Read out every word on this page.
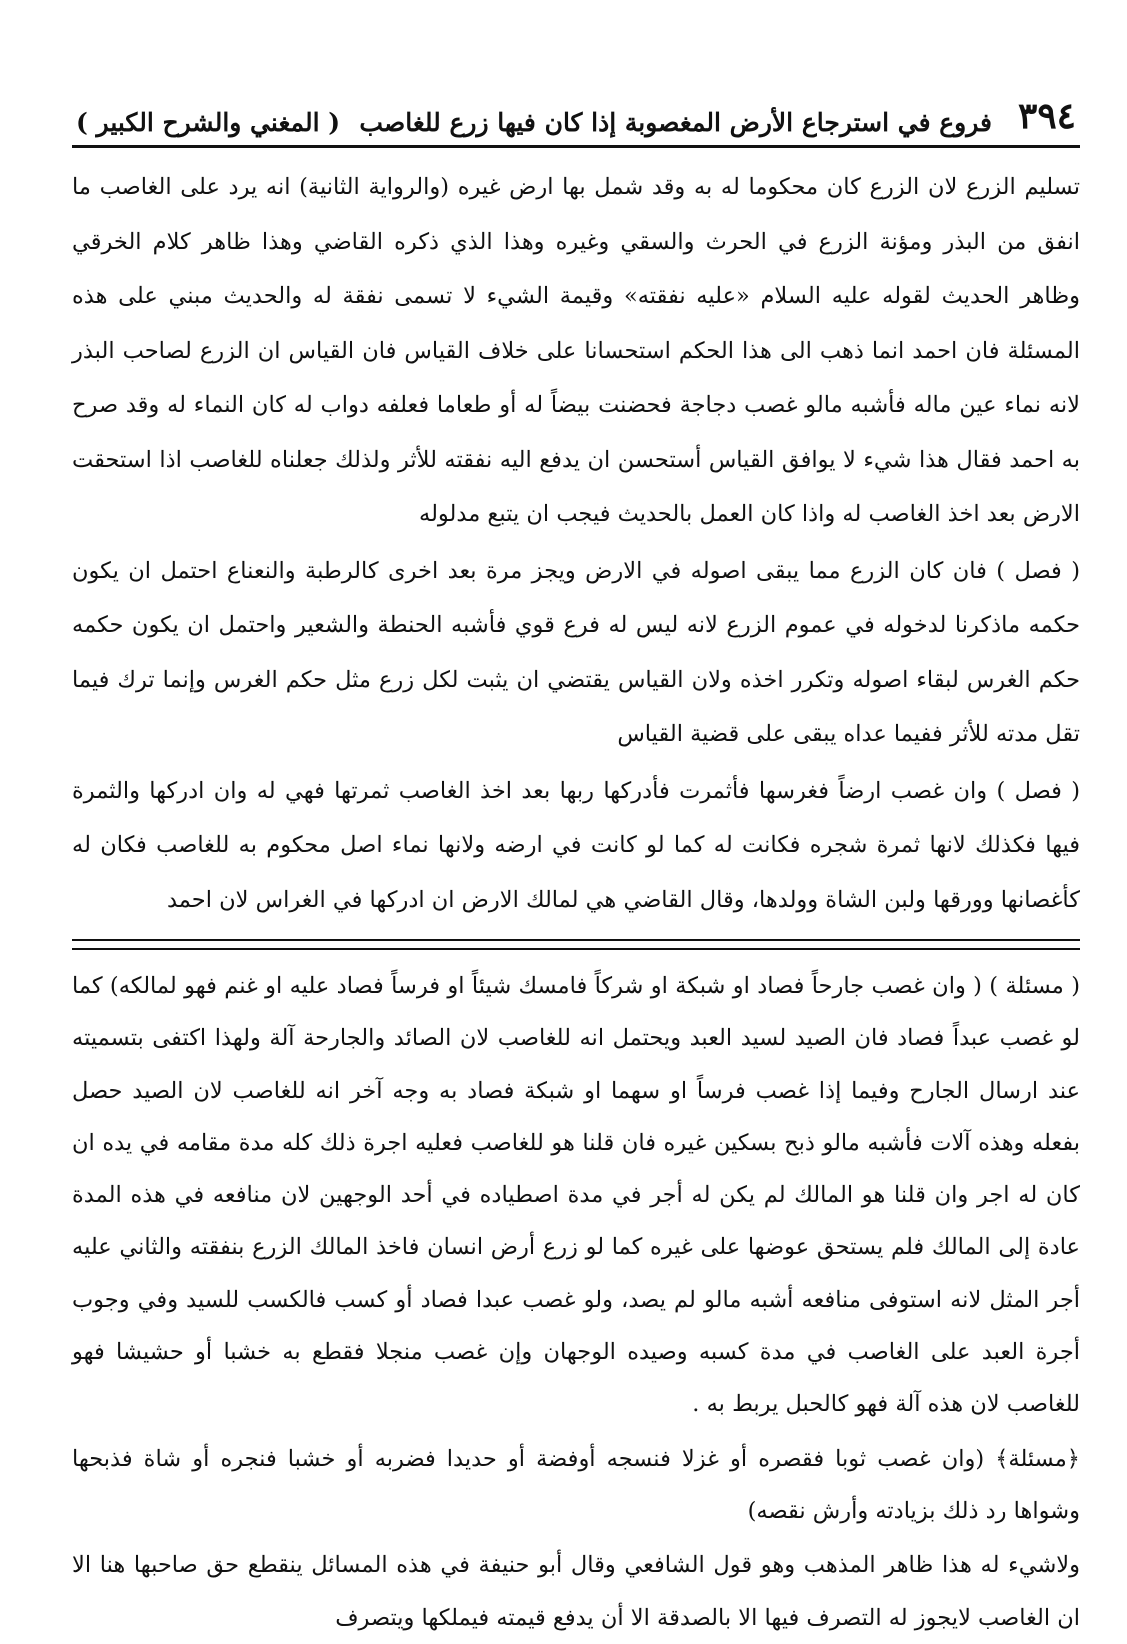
٣٩٤
فروع في استرجاع الأرض المغصوبة إذا كان فيها زرع للغاصب
( المغني والشرح الكبير )

تسليم الزرع لان الزرع كان محكوما له به وقد شمل بها ارض غيره (والرواية الثانية) انه يرد على الغاصب ما انفق من البذر ومؤنة الزرع في الحرث والسقي وغيره وهذا الذي ذكره القاضي وهذا ظاهر كلام الخرقي وظاهر الحديث لقوله عليه السلام «عليه نفقته» وقيمة الشيء لا تسمى نفقة له والحديث مبني على هذه المسئلة فان احمد انما ذهب الى هذا الحكم استحسانا على خلاف القياس فان القياس ان الزرع لصاحب البذر لانه نماء عين ماله فأشبه مالو غصب دجاجة فحضنت بيضاً له أو طعاما فعلفه دواب له كان النماء له وقد صرح به احمد فقال هذا شيء لا يوافق القياس أستحسن ان يدفع اليه نفقته للأثر ولذلك جعلناه للغاصب اذا استحقت الارض بعد اخذ الغاصب له واذا كان العمل بالحديث فيجب ان يتبع مدلوله

( فصل ) فان كان الزرع مما يبقى اصوله في الارض ويجز مرة بعد اخرى كالرطبة والنعناع احتمل ان يكون حكمه ماذكرنا لدخوله في عموم الزرع لانه ليس له فرع قوي فأشبه الحنطة والشعير واحتمل ان يكون حكمه حكم الغرس لبقاء اصوله وتكرر اخذه ولان القياس يقتضي ان يثبت لكل زرع مثل حكم الغرس وإنما ترك فيما تقل مدته للأثر ففيما عداه يبقى على قضية القياس

( فصل ) وان غصب ارضاً فغرسها فأثمرت فأدركها ربها بعد اخذ الغاصب ثمرتها فهي له وان ادركها والثمرة فيها فكذلك لانها ثمرة شجره فكانت له كما لو كانت في ارضه ولانها نماء اصل محكوم به للغاصب فكان له كأغصانها وورقها ولبن الشاة وولدها، وقال القاضي هي لمالك الارض ان ادركها في الغراس لان احمد

( مسئلة ) ( وان غصب جارحاً فصاد او شبكة او شركاً فامسك شيئاً او فرساً فصاد عليه او غنم فهو لمالكه) كما لو غصب عبداً فصاد فان الصيد لسيد العبد ويحتمل انه للغاصب لان الصائد والجارحة آلة ولهذا اكتفى بتسميته عند ارسال الجارح وفيما إذا غصب فرساً او سهما او شبكة فصاد به وجه آخر انه للغاصب لان الصيد حصل بفعله وهذه آلات فأشبه مالو ذبح بسكين غيره فان قلنا هو للغاصب فعليه اجرة ذلك كله مدة مقامه في يده ان كان له اجر وان قلنا هو المالك لم يكن له أجر في مدة اصطياده في أحد الوجهين لان منافعه في هذه المدة عادة إلى المالك فلم يستحق عوضها على غيره كما لو زرع أرض انسان فاخذ المالك الزرع بنفقته والثاني عليه أجر المثل لانه استوفى منافعه أشبه مالو لم يصد، ولو غصب عبدا فصاد أو كسب فالكسب للسيد وفي وجوب أجرة العبد على الغاصب في مدة كسبه وصيده الوجهان وإن غصب منجلا فقطع به خشبا أو حشيشا فهو للغاصب لان هذه آلة فهو كالحبل يربط به .

﴿مسئلة﴾ (وان غصب ثوبا فقصره أو غزلا فنسجه أوفضة أو حديدا فضربه أو خشبا فنجره أو شاة فذبحها وشواها رد ذلك بزيادته وأرش نقصه)

ولاشيء له هذا ظاهر المذهب وهو قول الشافعي وقال أبو حنيفة في هذه المسائل ينقطع حق صاحبها هنا الا ان الغاصب لايجوز له التصرف فيها الا بالصدقة الا أن يدفع قيمته فيملكها ويتصرف
